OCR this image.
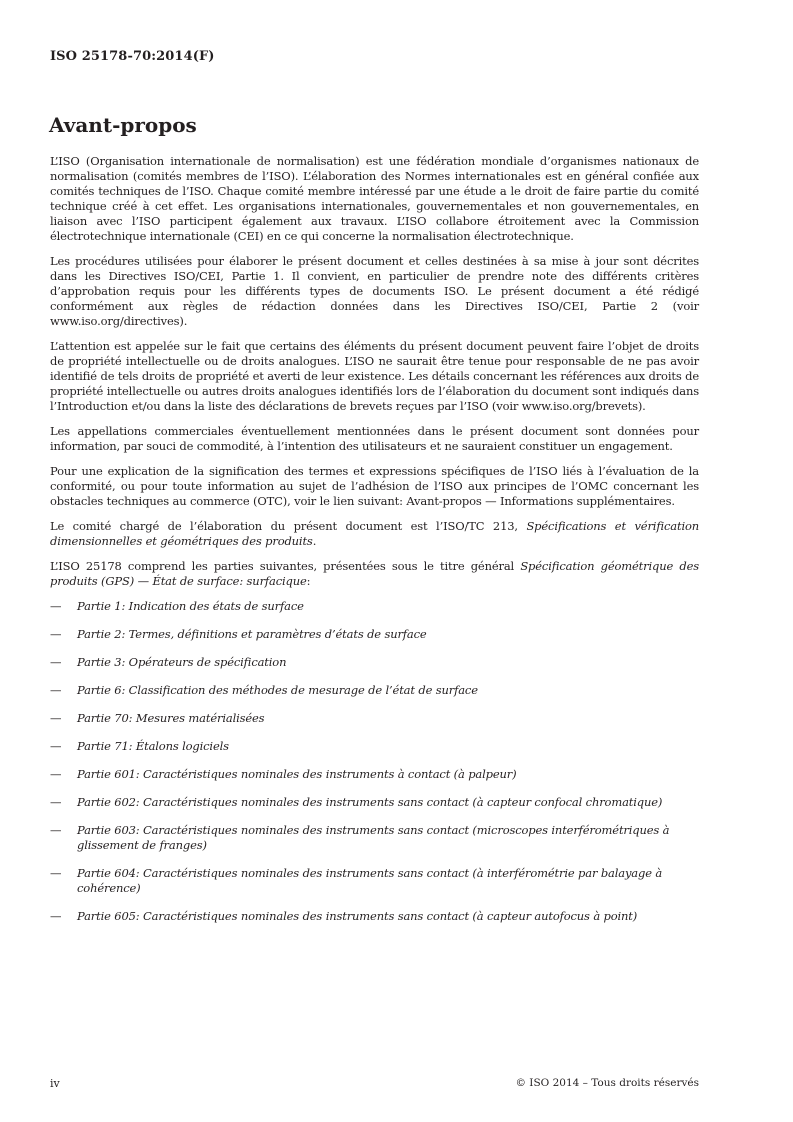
ISO 25178-70:2014(F)
Avant-propos

L’ISO (Organisation internationale de normalisation) est une fédération mondiale d’organismes nationaux de normalisation (comités membres de l’ISO). L’élaboration des Normes internationales est en général confiée aux comités techniques de l’ISO. Chaque comité membre intéressé par une étude a le droit de faire partie du comité technique créé à cet effet. Les organisations internationales, gouvernementales et non gouvernementales, en liaison avec l’ISO participent également aux travaux. L’ISO collabore étroitement avec la Commission électrotechnique internationale (CEI) en ce qui concerne la normalisation électrotechnique.

Les procédures utilisées pour élaborer le présent document et celles destinées à sa mise à jour sont décrites dans les Directives ISO/CEI, Partie 1. Il convient, en particulier de prendre note des différents critères d’approbation requis pour les différents types de documents ISO. Le présent document a été rédigé conformément aux règles de rédaction données dans les Directives ISO/CEI, Partie 2 (voir www.iso.org/directives).

L’attention est appelée sur le fait que certains des éléments du présent document peuvent faire l’objet de droits de propriété intellectuelle ou de droits analogues. L’ISO ne saurait être tenue pour responsable de ne pas avoir identifié de tels droits de propriété et averti de leur existence. Les détails concernant les références aux droits de propriété intellectuelle ou autres droits analogues identifiés lors de l’élaboration du document sont indiqués dans l’Introduction et/ou dans la liste des déclarations de brevets reçues par l’ISO (voir www.iso.org/brevets).

Les appellations commerciales éventuellement mentionnées dans le présent document sont données pour information, par souci de commodité, à l’intention des utilisateurs et ne sauraient constituer un engagement.

Pour une explication de la signification des termes et expressions spécifiques de l’ISO liés à l’évaluation de la conformité, ou pour toute information au sujet de l’adhésion de l’ISO aux principes de l’OMC concernant les obstacles techniques au commerce (OTC), voir le lien suivant: Avant-propos — Informations supplémentaires.

Le comité chargé de l’élaboration du présent document est l’ISO/TC 213, Spécifications et vérification dimensionnelles et géométriques des produits.

L’ISO 25178 comprend les parties suivantes, présentées sous le titre général Spécification géométrique des produits (GPS) — État de surface: surfacique:

— Partie 1: Indication des états de surface
— Partie 2: Termes, définitions et paramètres d’états de surface
— Partie 3: Opérateurs de spécification
— Partie 6: Classification des méthodes de mesurage de l’état de surface
— Partie 70: Mesures matérialisées
— Partie 71: Étalons logiciels
— Partie 601: Caractéristiques nominales des instruments à contact (à palpeur)
— Partie 602: Caractéristiques nominales des instruments sans contact (à capteur confocal chromatique)
— Partie 603: Caractéristiques nominales des instruments sans contact (microscopes interférométriques à glissement de franges)
— Partie 604: Caractéristiques nominales des instruments sans contact (à interférométrie par balayage à cohérence)
— Partie 605: Caractéristiques nominales des instruments sans contact (à capteur autofocus à point)
iv	© ISO 2014 – Tous droits réservés
